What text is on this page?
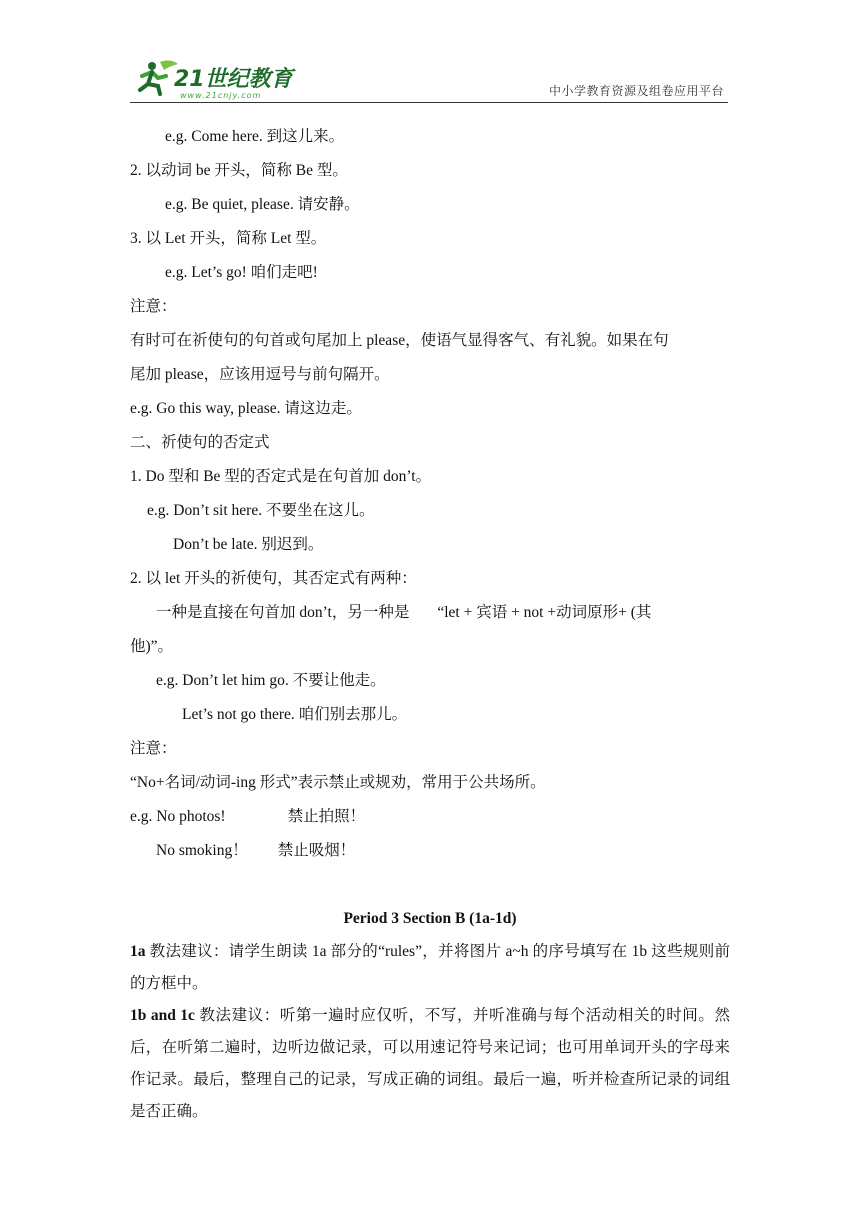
21世纪教育
www.21cnjy.com	中小学教育资源及组卷应用平台
e.g. Come here. 到这儿来。
2. 以动词 be 开头，简称 Be 型。
e.g. Be quiet, please. 请安静。
3. 以 Let 开头，简称 Let 型。
e.g. Let’s go! 咱们走吧!
注意：
有时可在祈使句的句首或句尾加上 please，使语气显得客气、有礼貌。如果在句
尾加 please，应该用逗号与前句隔开。
e.g. Go this way, please. 请这边走。
二、祈使句的否定式
1. Do 型和 Be 型的否定式是在句首加 don’t。
e.g. Don’t sit here. 不要坐在这儿。
Don’t be late. 别迟到。
2. 以 let 开头的祈使句，其否定式有两种：
一种是直接在句首加 don’t，另一种是 “let + 宾语 + not +动词原形+ (其
他)”。
e.g. Don’t let him go. 不要让他走。
Let’s not go there. 咱们别去那儿。
注意：
“No+名词/动词-ing 形式”表示禁止或规劝，常用于公共场所。
e.g. No photos!	禁止拍照！
No smoking！ 禁止吸烟！
Period 3 Section B (1a-1d)
1a 教法建议：请学生朗读 1a 部分的“rules”，并将图片 a~h 的序号填写在 1b 这些规则前的方框中。
1b and 1c 教法建议：听第一遍时应仅听，不写，并听准确与每个活动相关的时间。然后，在听第二遍时，边听边做记录，可以用速记符号来记词；也可用单词开头的字母来作记录。最后，整理自己的记录，写成正确的词组。最后一遍，听并检查所记录的词组是否正确。
